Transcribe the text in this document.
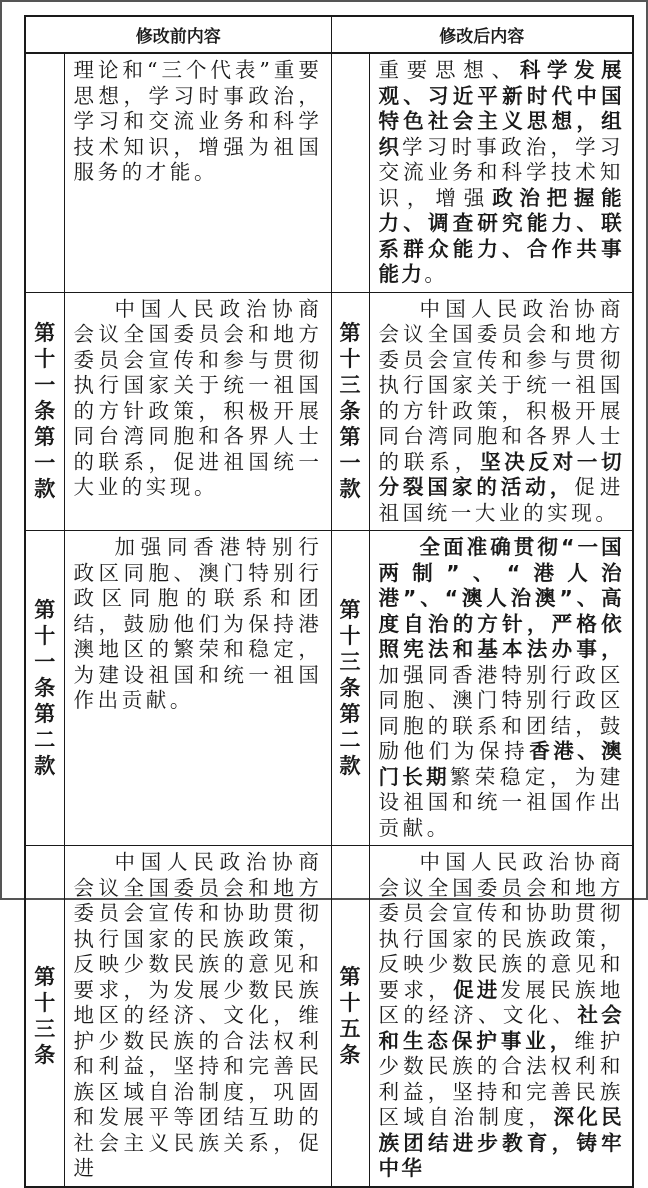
修改前内容		修改后内容	

	理论和“三个代表”重要思想，学习时事政治，学习和交流业务和科学技术知识，增强为祖国服务的才能。		重要思想、科学发展观、习近平新时代中国特色社会主义思想，组织学习时事政治，学习交流业务和科学技术知识，增强政治把握能力、调查研究能力、联系群众能力、合作共事能力。

第十一条第一款	中国人民政治协商会议全国委员会和地方委员会宣传和参与贯彻执行国家关于统一祖国的方针政策，积极开展同台湾同胞和各界人士的联系，促进祖国统一大业的实现。	第十三条第一款	中国人民政治协商会议全国委员会和地方委员会宣传和参与贯彻执行国家关于统一祖国的方针政策，积极开展同台湾同胞和各界人士的联系，坚决反对一切分裂国家的活动，促进祖国统一大业的实现。

第十一条第二款	加强同香港特别行政区同胞、澳门特别行政区同胞的联系和团结，鼓励他们为保持港澳地区的繁荣和稳定，为建设祖国和统一祖国作出贡献。	第十三条第二款	全面准确贯彻“一国两制”、“港人治港”、“澳人治澳”、高度自治的方针，严格依照宪法和基本法办事，加强同香港特别行政区同胞、澳门特别行政区同胞的联系和团结，鼓励他们为保持香港、澳门长期繁荣稳定，为建设祖国和统一祖国作出贡献。

第十三条	中国人民政治协商会议全国委员会和地方委员会宣传和协助贯彻执行国家的民族政策，反映少数民族的意见和要求，为发展少数民族地区的经济、文化，维护少数民族的合法权利和利益，坚持和完善民族区域自治制度，巩固和发展平等团结互助的社会主义民族关系，促进	第十五条	中国人民政治协商会议全国委员会和地方委员会宣传和协助贯彻执行国家的民族政策，反映少数民族的意见和要求，促进发展民族地区的经济、文化、社会和生态保护事业，维护少数民族的合法权利和利益，坚持和完善民族区域自治制度，深化民族团结进步教育，铸牢中华
